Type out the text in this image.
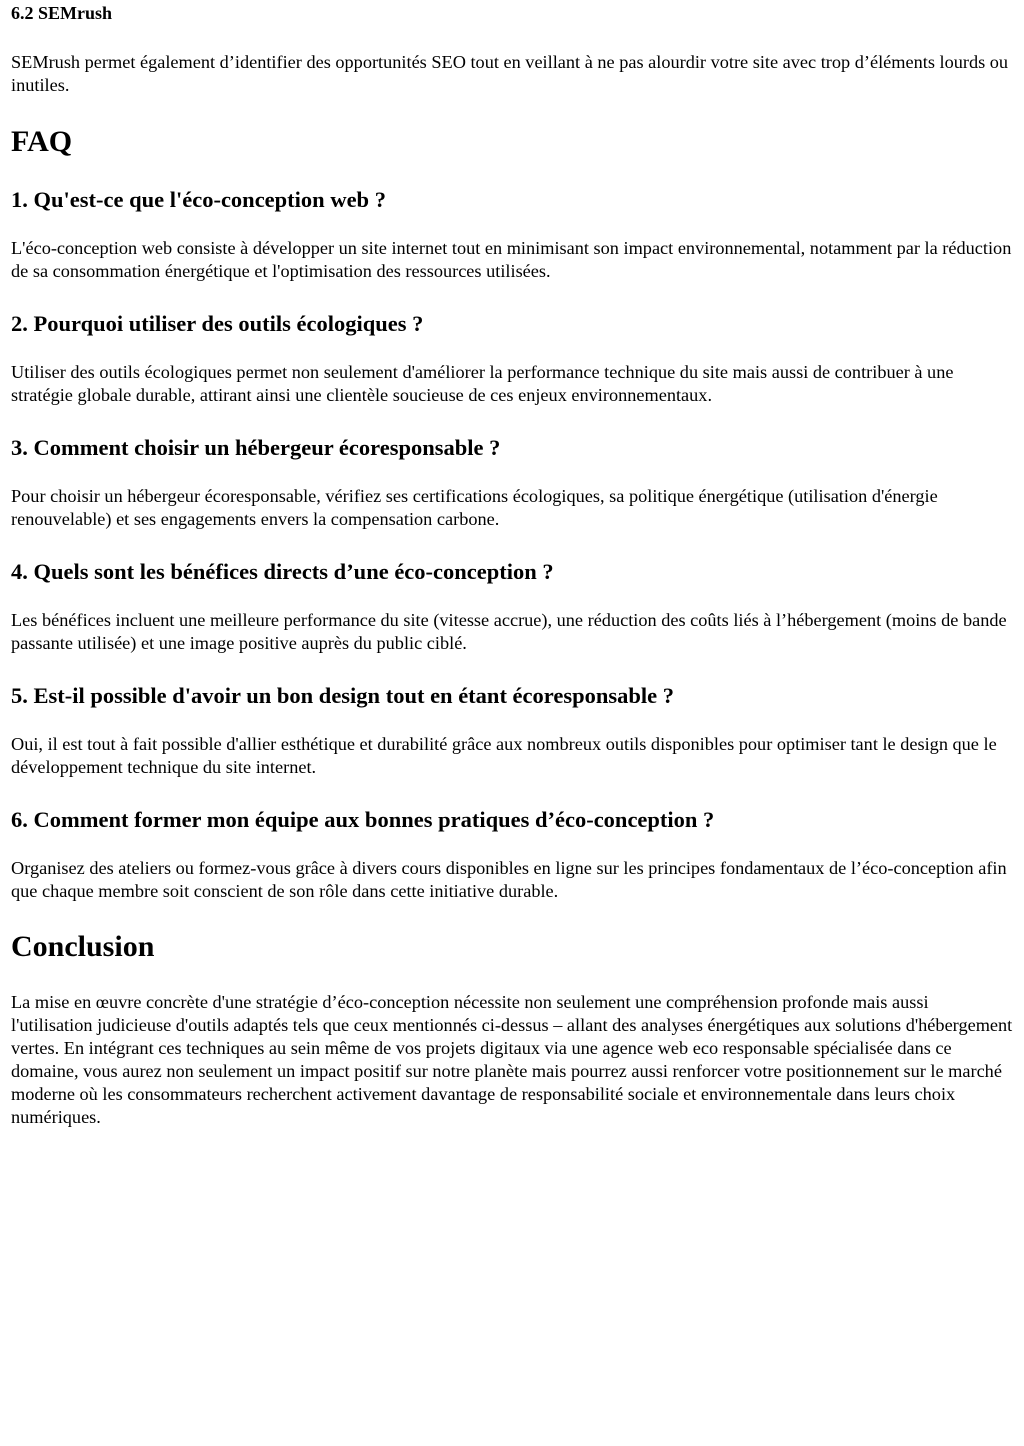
6.2 SEMrush

SEMrush permet également d’identifier des opportunités SEO tout en veillant à ne pas alourdir votre site avec trop d’éléments lourds ou inutiles.

FAQ
1. Qu'est-ce que l'éco-conception web ?

L'éco-conception web consiste à développer un site internet tout en minimisant son impact environnemental, notamment par la réduction de sa consommation énergétique et l'optimisation des ressources utilisées.

2. Pourquoi utiliser des outils écologiques ?

Utiliser des outils écologiques permet non seulement d'améliorer la performance technique du site mais aussi de contribuer à une stratégie globale durable, attirant ainsi une clientèle soucieuse de ces enjeux environnementaux.

3. Comment choisir un hébergeur écoresponsable ?

Pour choisir un hébergeur écoresponsable, vérifiez ses certifications écologiques, sa politique énergétique (utilisation d'énergie renouvelable) et ses engagements envers la compensation carbone.

4. Quels sont les bénéfices directs d’une éco-conception ?

Les bénéfices incluent une meilleure performance du site (vitesse accrue), une réduction des coûts liés à l’hébergement (moins de bande passante utilisée) et une image positive auprès du public ciblé.

5. Est-il possible d'avoir un bon design tout en étant écoresponsable ?

Oui, il est tout à fait possible d'allier esthétique et durabilité grâce aux nombreux outils disponibles pour optimiser tant le design que le développement technique du site internet.

6. Comment former mon équipe aux bonnes pratiques d’éco-conception ?

Organisez des ateliers ou formez-vous grâce à divers cours disponibles en ligne sur les principes fondamentaux de l’éco-conception afin que chaque membre soit conscient de son rôle dans cette initiative durable.

Conclusion

La mise en œuvre concrète d'une stratégie d’éco-conception nécessite non seulement une compréhension profonde mais aussi l'utilisation judicieuse d'outils adaptés tels que ceux mentionnés ci-dessus – allant des analyses énergétiques aux solutions d'hébergement vertes. En intégrant ces techniques au sein même de vos projets digitaux via une agence web eco responsable spécialisée dans ce domaine, vous aurez non seulement un impact positif sur notre planète mais pourrez aussi renforcer votre positionnement sur le marché moderne où les consommateurs recherchent activement davantage de responsabilité sociale et environnementale dans leurs choix numériques.
